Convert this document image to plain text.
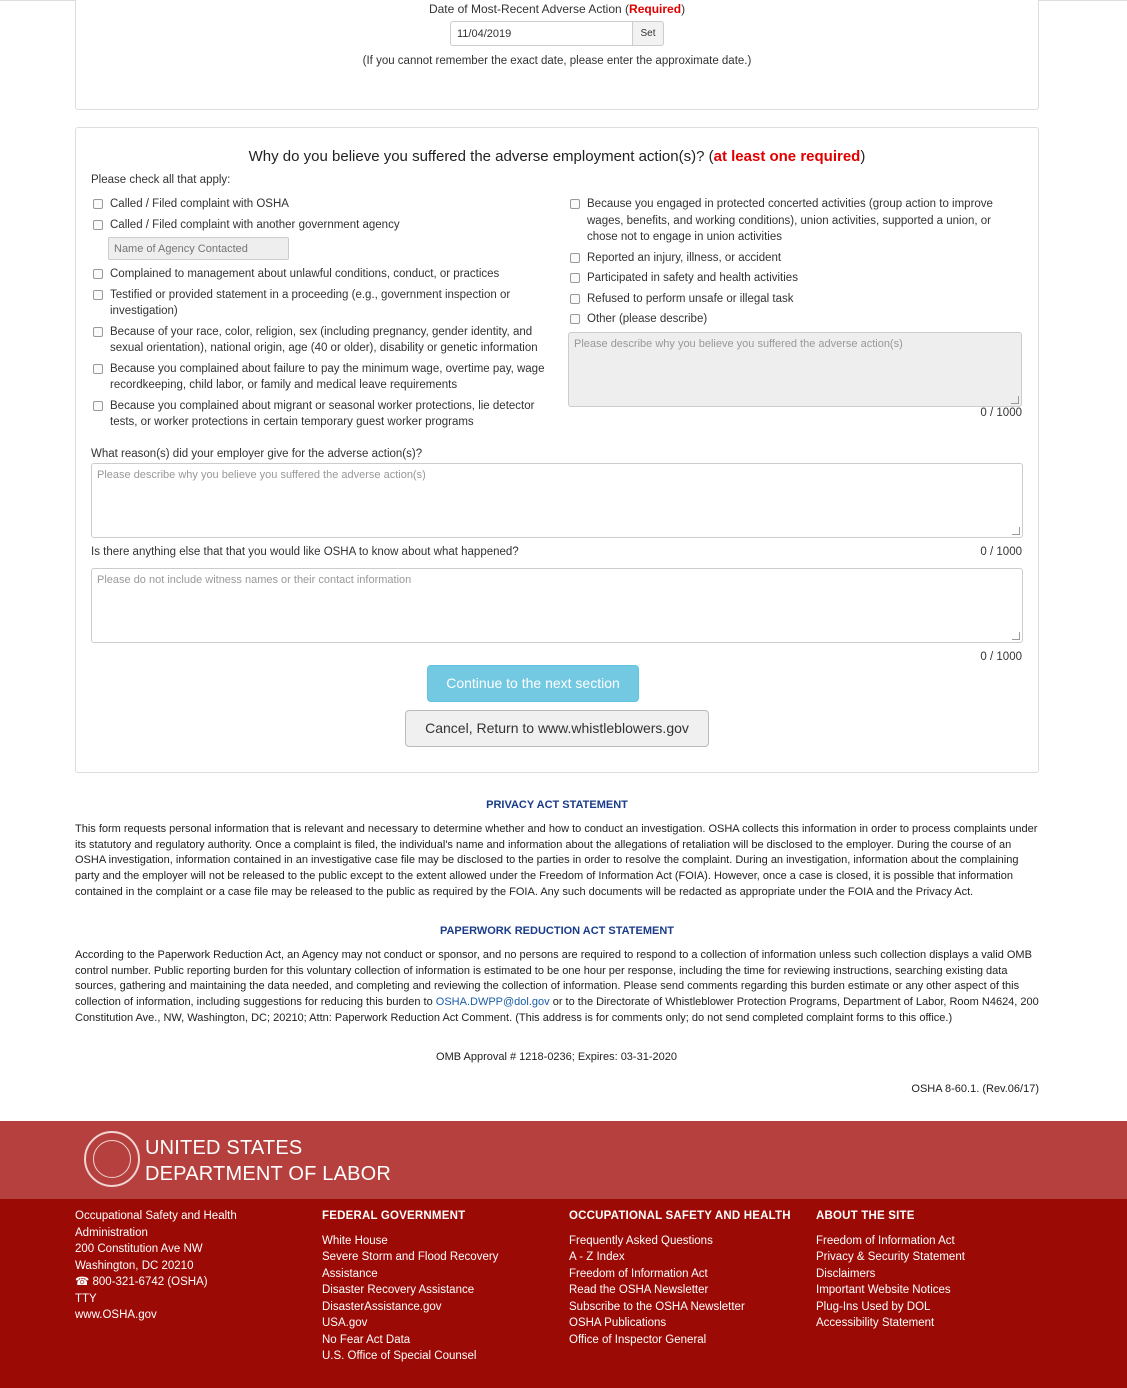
Date of Most-Recent Adverse Action (Required)
11/04/2019
Set
(If you cannot remember the exact date, please enter the approximate date.)
Why do you believe you suffered the adverse employment action(s)? (at least one required)
Please check all that apply:
Called / Filed complaint with OSHA
Called / Filed complaint with another government agency
Name of Agency Contacted
Complained to management about unlawful conditions, conduct, or practices
Testified or provided statement in a proceeding (e.g., government inspection or investigation)
Because of your race, color, religion, sex (including pregnancy, gender identity, and sexual orientation), national origin, age (40 or older), disability or genetic information
Because you complained about failure to pay the minimum wage, overtime pay, wage recordkeeping, child labor, or family and medical leave requirements
Because you complained about migrant or seasonal worker protections, lie detector tests, or worker protections in certain temporary guest worker programs
Because you engaged in protected concerted activities (group action to improve wages, benefits, and working conditions), union activities, supported a union, or chose not to engage in union activities
Reported an injury, illness, or accident
Participated in safety and health activities
Refused to perform unsafe or illegal task
Other (please describe)
Please describe why you believe you suffered the adverse action(s)
0 / 1000
What reason(s) did your employer give for the adverse action(s)?
Please describe why you believe you suffered the adverse action(s)
Is there anything else that that you would like OSHA to know about what happened?	0 / 1000
Please do not include witness names or their contact information
0 / 1000
Continue to the next section
Cancel, Return to www.whistleblowers.gov
PRIVACY ACT STATEMENT
This form requests personal information that is relevant and necessary to determine whether and how to conduct an investigation. OSHA collects this information in order to process complaints under its statutory and regulatory authority. Once a complaint is filed, the individual's name and information about the allegations of retaliation will be disclosed to the employer. During the course of an OSHA investigation, information contained in an investigative case file may be disclosed to the parties in order to resolve the complaint. During an investigation, information about the complaining party and the employer will not be released to the public except to the extent allowed under the Freedom of Information Act (FOIA). However, once a case is closed, it is possible that information contained in the complaint or a case file may be released to the public as required by the FOIA. Any such documents will be redacted as appropriate under the FOIA and the Privacy Act.
PAPERWORK REDUCTION ACT STATEMENT
According to the Paperwork Reduction Act, an Agency may not conduct or sponsor, and no persons are required to respond to a collection of information unless such collection displays a valid OMB control number. Public reporting burden for this voluntary collection of information is estimated to be one hour per response, including the time for reviewing instructions, searching existing data sources, gathering and maintaining the data needed, and completing and reviewing the collection of information. Please send comments regarding this burden estimate or any other aspect of this collection of information, including suggestions for reducing this burden to OSHA.DWPP@dol.gov or to the Directorate of Whistleblower Protection Programs, Department of Labor, Room N4624, 200 Constitution Ave., NW, Washington, DC; 20210; Attn: Paperwork Reduction Act Comment. (This address is for comments only; do not send completed complaint forms to this office.)
OMB Approval # 1218-0236; Expires: 03-31-2020
OSHA 8-60.1. (Rev.06/17)
UNITED STATES
DEPARTMENT OF LABOR
Occupational Safety and Health Administration
200 Constitution Ave NW
Washington, DC 20210
☎ 800-321-6742 (OSHA)
TTY
www.OSHA.gov
FEDERAL GOVERNMENT
White House
Severe Storm and Flood Recovery Assistance
Disaster Recovery Assistance
DisasterAssistance.gov
USA.gov
No Fear Act Data
U.S. Office of Special Counsel
OCCUPATIONAL SAFETY AND HEALTH
Frequently Asked Questions
A - Z Index
Freedom of Information Act
Read the OSHA Newsletter
Subscribe to the OSHA Newsletter
OSHA Publications
Office of Inspector General
ABOUT THE SITE
Freedom of Information Act
Privacy & Security Statement
Disclaimers
Important Website Notices
Plug-Ins Used by DOL
Accessibility Statement
